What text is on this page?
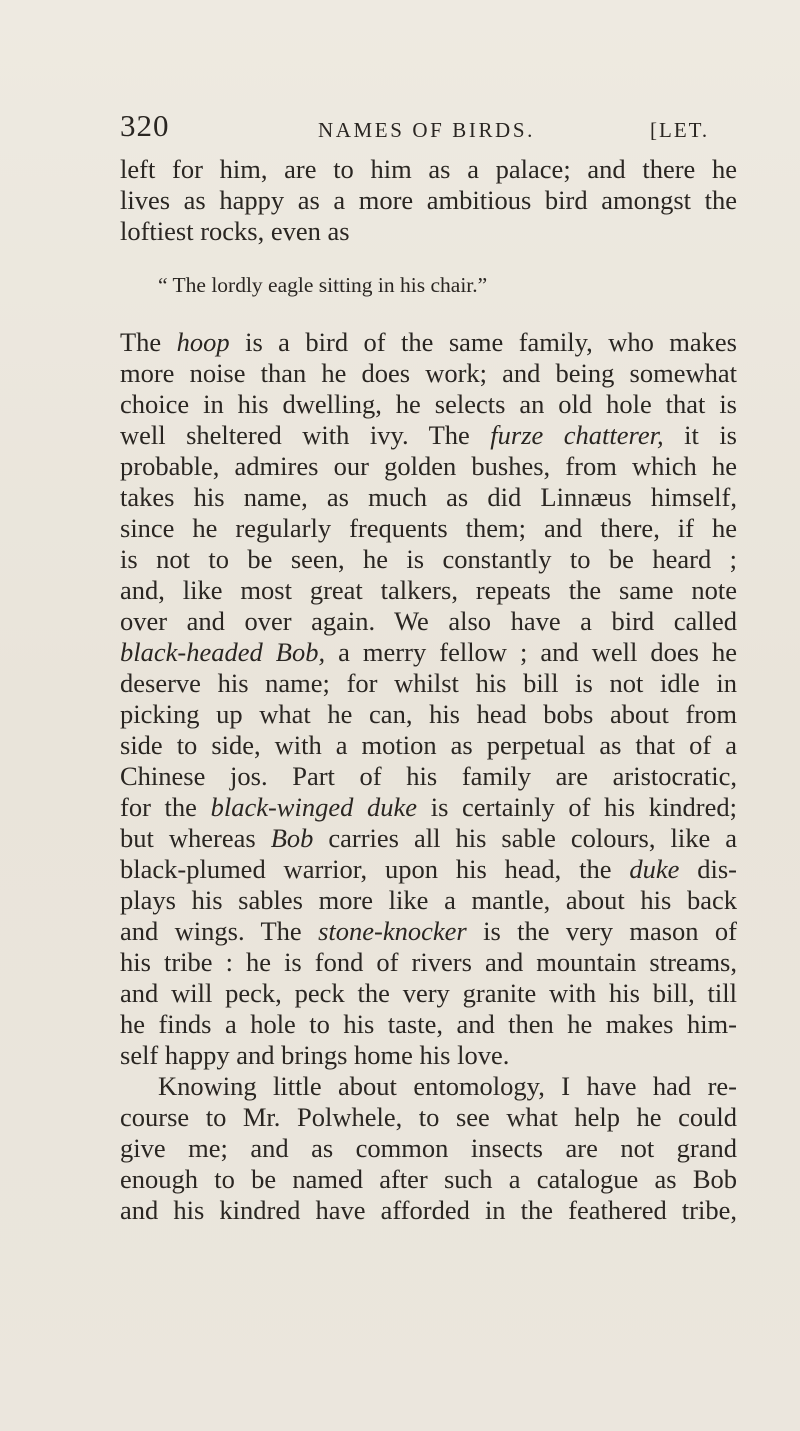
320	NAMES OF BIRDS.	[LET.
left for him, are to him as a palace; and there he
lives as happy as a more ambitious bird amongst the
loftiest rocks, even as
“ The lordly eagle sitting in his chair.”
The hoop is a bird of the same family, who makes
more noise than he does work; and being somewhat
choice in his dwelling, he selects an old hole that is
well sheltered with ivy. The furze chatterer, it is
probable, admires our golden bushes, from which he
takes his name, as much as did Linnæus himself,
since he regularly frequents them; and there, if he
is not to be seen, he is constantly to be heard ;
and, like most great talkers, repeats the same note
over and over again. We also have a bird called
black-headed Bob, a merry fellow ; and well does he
deserve his name; for whilst his bill is not idle in
picking up what he can, his head bobs about from
side to side, with a motion as perpetual as that of a
Chinese jos. Part of his family are aristocratic,
for the black-winged duke is certainly of his kindred;
but whereas Bob carries all his sable colours, like a
black-plumed warrior, upon his head, the duke dis-
plays his sables more like a mantle, about his back
and wings. The stone-knocker is the very mason of
his tribe : he is fond of rivers and mountain streams,
and will peck, peck the very granite with his bill, till
he finds a hole to his taste, and then he makes him-
self happy and brings home his love.
Knowing little about entomology, I have had re-
course to Mr. Polwhele, to see what help he could
give me; and as common insects are not grand
enough to be named after such a catalogue as Bob
and his kindred have afforded in the feathered tribe,
